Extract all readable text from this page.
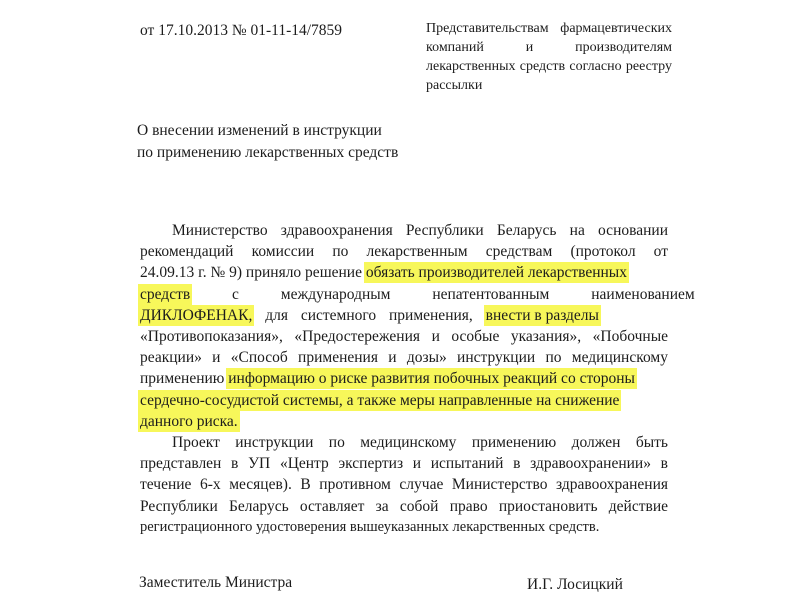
от 17.10.2013 № 01-11-14/7859	Представительствам фармацевтических компаний и производителям лекарственных средств согласно реестру рассылки
О внесении изменений в инструкции
по применению лекарственных средств
Министерство здравоохранения Республики Беларусь на основании
рекомендаций комиссии по лекарственным средствам (протокол от
24.09.13 г. № 9) приняло решение обязать производителей лекарственных
средств с международным непатентованным наименованием
ДИКЛОФЕНАК, для системного применения, внести в разделы
«Противопоказания», «Предостережения и особые указания», «Побочные
реакции» и «Способ применения и дозы» инструкции по медицинскому
применению информацию о риске развития побочных реакций со стороны
сердечно-сосудистой системы, а также меры направленные на снижение
данного риска.
Проект инструкции по медицинскому применению должен быть
представлен в УП «Центр экспертиз и испытаний в здравоохранении» в
течение 6-х месяцев). В противном случае Министерство здравоохранения
Республики Беларусь оставляет за собой право приостановить действие
регистрационного удостоверения вышеуказанных лекарственных средств.
Заместитель Министра	И.Г. Лосицкий
